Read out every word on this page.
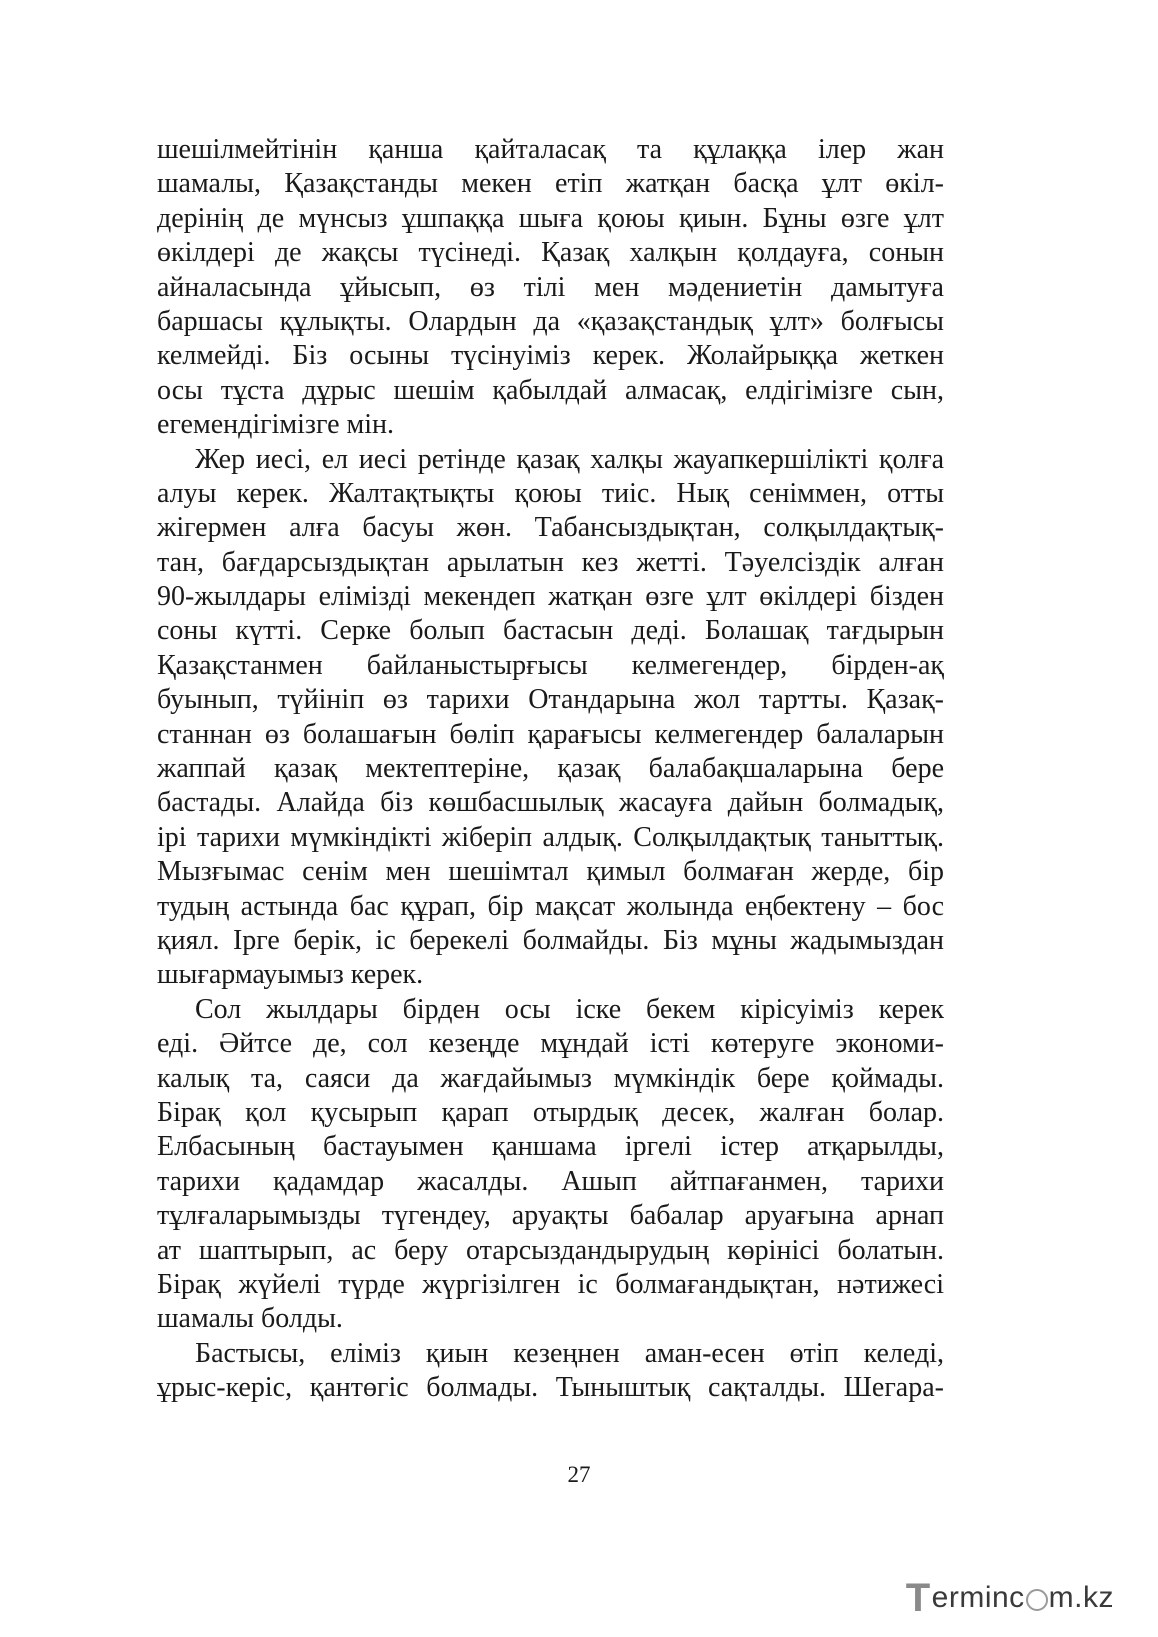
шешілмейтінін қанша қайталасақ та құлаққа ілер жан
шамалы, Қазақстанды мекен етіп жатқан басқа ұлт өкіл-
дерінің де мүнсыз ұшпаққа шыға қоюы қиын. Бұны өзге ұлт
өкілдері де жақсы түсінеді. Қазақ халқын қолдауға, сонын
айналасында ұйысып, өз тілі мен мәдениетін дамытуға
баршасы құлықты. Олардын да «қазақстандық ұлт» болғысы
келмейді. Біз осыны түсінуіміз керек. Жолайрыққа жеткен
осы тұста дұрыс шешім қабылдай алмасақ, елдігімізге сын,
егемендігімізге мін.
Жер иесі, ел иесі ретінде қазақ халқы жауапкершілікті қолға
алуы керек. Жалтақтықты қоюы тиіс. Нық сеніммен, отты
жігермен алға басуы жөн. Табансыздықтан, солқылдақтық-
тан, бағдарсыздықтан арылатын кез жетті. Тәуелсіздік алған
90-жылдары елімізді мекендеп жатқан өзге ұлт өкілдері бізден
соны күтті. Серке болып бастасын деді. Болашақ тағдырын
Қазақстанмен байланыстырғысы келмегендер, бірден-ақ
буынып, түйініп өз тарихи Отандарына жол тартты. Қазақ-
станнан өз болашағын бөліп қарағысы келмегендер балаларын
жаппай қазақ мектептеріне, қазақ балабақшаларына бере
бастады. Алайда біз көшбасшылық жасауға дайын болмадық,
ірі тарихи мүмкіндікті жіберіп алдық. Солқылдақтық таныттық.
Мызғымас сенім мен шешімтал қимыл болмаған жерде, бір
тудың астында бас құрап, бір мақсат жолында еңбектену – бос
қиял. Ірге берік, іс берекелі болмайды. Біз мұны жадымыздан
шығармауымыз керек.
Сол жылдары бірден осы іске бекем кірісуіміз керек
еді. Әйтсе де, сол кезеңде мұндай істі көтеруге экономи-
калық та, саяси да жағдайымыз мүмкіндік бере қоймады.
Бірақ қол қусырып қарап отырдық десек, жалған болар.
Елбасының бастауымен қаншама іргелі істер атқарылды,
тарихи қадамдар жасалды. Ашып айтпағанмен, тарихи
тұлғаларымызды түгендеу, аруақты бабалар аруағына арнап
ат шаптырып, ас беру отарсыздандырудың көрінісі болатын.
Бірақ жүйелі түрде жүргізілген іс болмағандықтан, нәтижесі
шамалы болды.
Бастысы, еліміз қиын кезеңнен аман-есен өтіп келеді,
ұрыс-керіс, қантөгіс болмады. Тыныштық сақталды. Шегара-
27
T erminc m.kz
